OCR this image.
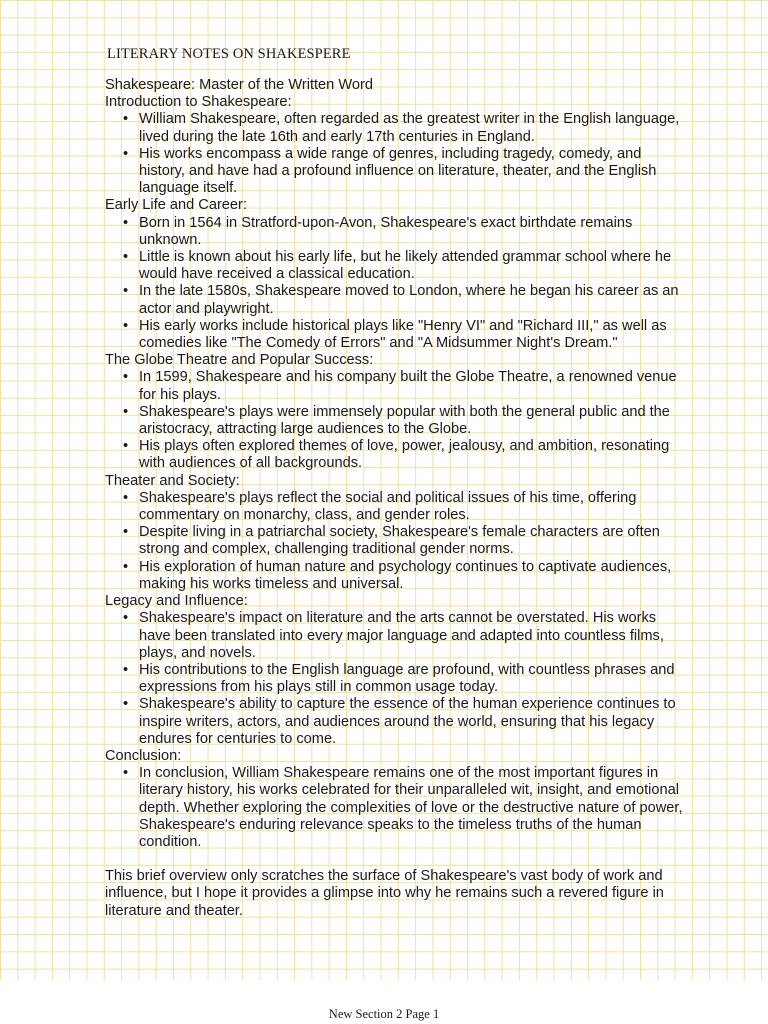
LITERARY NOTES ON SHAKESPERE
Shakespeare: Master of the Written Word
Introduction to Shakespeare:
• William Shakespeare, often regarded as the greatest writer in the English language, lived during the late 16th and early 17th centuries in England.
• His works encompass a wide range of genres, including tragedy, comedy, and history, and have had a profound influence on literature, theater, and the English language itself.
Early Life and Career:
• Born in 1564 in Stratford-upon-Avon, Shakespeare's exact birthdate remains unknown.
• Little is known about his early life, but he likely attended grammar school where he would have received a classical education.
• In the late 1580s, Shakespeare moved to London, where he began his career as an actor and playwright.
• His early works include historical plays like "Henry VI" and "Richard III," as well as comedies like "The Comedy of Errors" and "A Midsummer Night's Dream."
The Globe Theatre and Popular Success:
• In 1599, Shakespeare and his company built the Globe Theatre, a renowned venue for his plays.
• Shakespeare's plays were immensely popular with both the general public and the aristocracy, attracting large audiences to the Globe.
• His plays often explored themes of love, power, jealousy, and ambition, resonating with audiences of all backgrounds.
Theater and Society:
• Shakespeare's plays reflect the social and political issues of his time, offering commentary on monarchy, class, and gender roles.
• Despite living in a patriarchal society, Shakespeare's female characters are often strong and complex, challenging traditional gender norms.
• His exploration of human nature and psychology continues to captivate audiences, making his works timeless and universal.
Legacy and Influence:
• Shakespeare's impact on literature and the arts cannot be overstated. His works have been translated into every major language and adapted into countless films, plays, and novels.
• His contributions to the English language are profound, with countless phrases and expressions from his plays still in common usage today.
• Shakespeare's ability to capture the essence of the human experience continues to inspire writers, actors, and audiences around the world, ensuring that his legacy endures for centuries to come.
Conclusion:
• In conclusion, William Shakespeare remains one of the most important figures in literary history, his works celebrated for their unparalleled wit, insight, and emotional depth. Whether exploring the complexities of love or the destructive nature of power, Shakespeare's enduring relevance speaks to the timeless truths of the human condition.
This brief overview only scratches the surface of Shakespeare's vast body of work and influence, but I hope it provides a glimpse into why he remains such a revered figure in literature and theater.
New Section 2 Page 1
